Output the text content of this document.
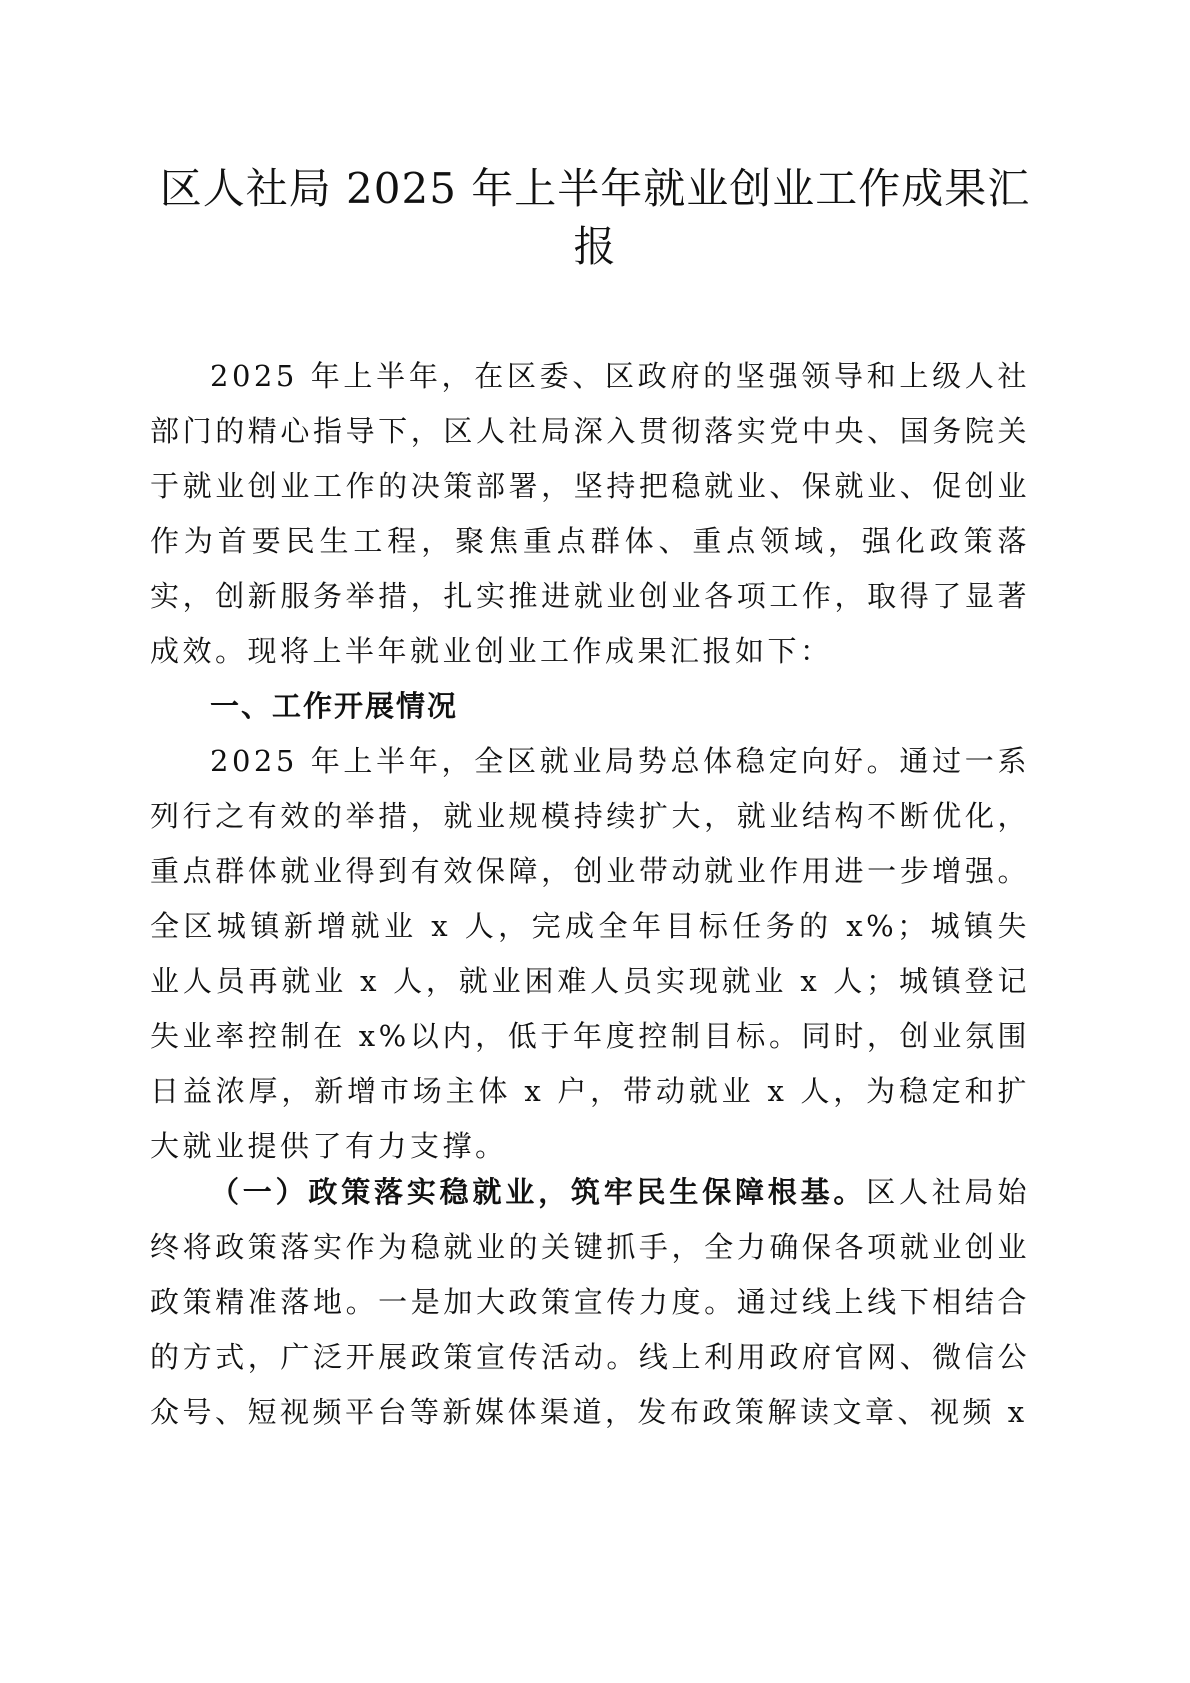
区人社局 2025 年上半年就业创业工作成果汇报

2025 年上半年，在区委、区政府的坚强领导和上级人社部门的精心指导下，区人社局深入贯彻落实党中央、国务院关于就业创业工作的决策部署，坚持把稳就业、保就业、促创业作为首要民生工程，聚焦重点群体、重点领域，强化政策落实，创新服务举措，扎实推进就业创业各项工作，取得了显著成效。现将上半年就业创业工作成果汇报如下：

一、工作开展情况

2025 年上半年，全区就业局势总体稳定向好。通过一系列行之有效的举措，就业规模持续扩大，就业结构不断优化，重点群体就业得到有效保障，创业带动就业作用进一步增强。全区城镇新增就业 x 人，完成全年目标任务的 x%；城镇失业人员再就业 x 人，就业困难人员实现就业 x 人；城镇登记失业率控制在 x%以内，低于年度控制目标。同时，创业氛围日益浓厚，新增市场主体 x 户，带动就业 x 人，为稳定和扩大就业提供了有力支撑。

（一）政策落实稳就业，筑牢民生保障根基。区人社局始终将政策落实作为稳就业的关键抓手，全力确保各项就业创业政策精准落地。一是加大政策宣传力度。通过线上线下相结合的方式，广泛开展政策宣传活动。线上利用政府官网、微信公众号、短视频平台等新媒体渠道，发布政策解读文章、视频 x
